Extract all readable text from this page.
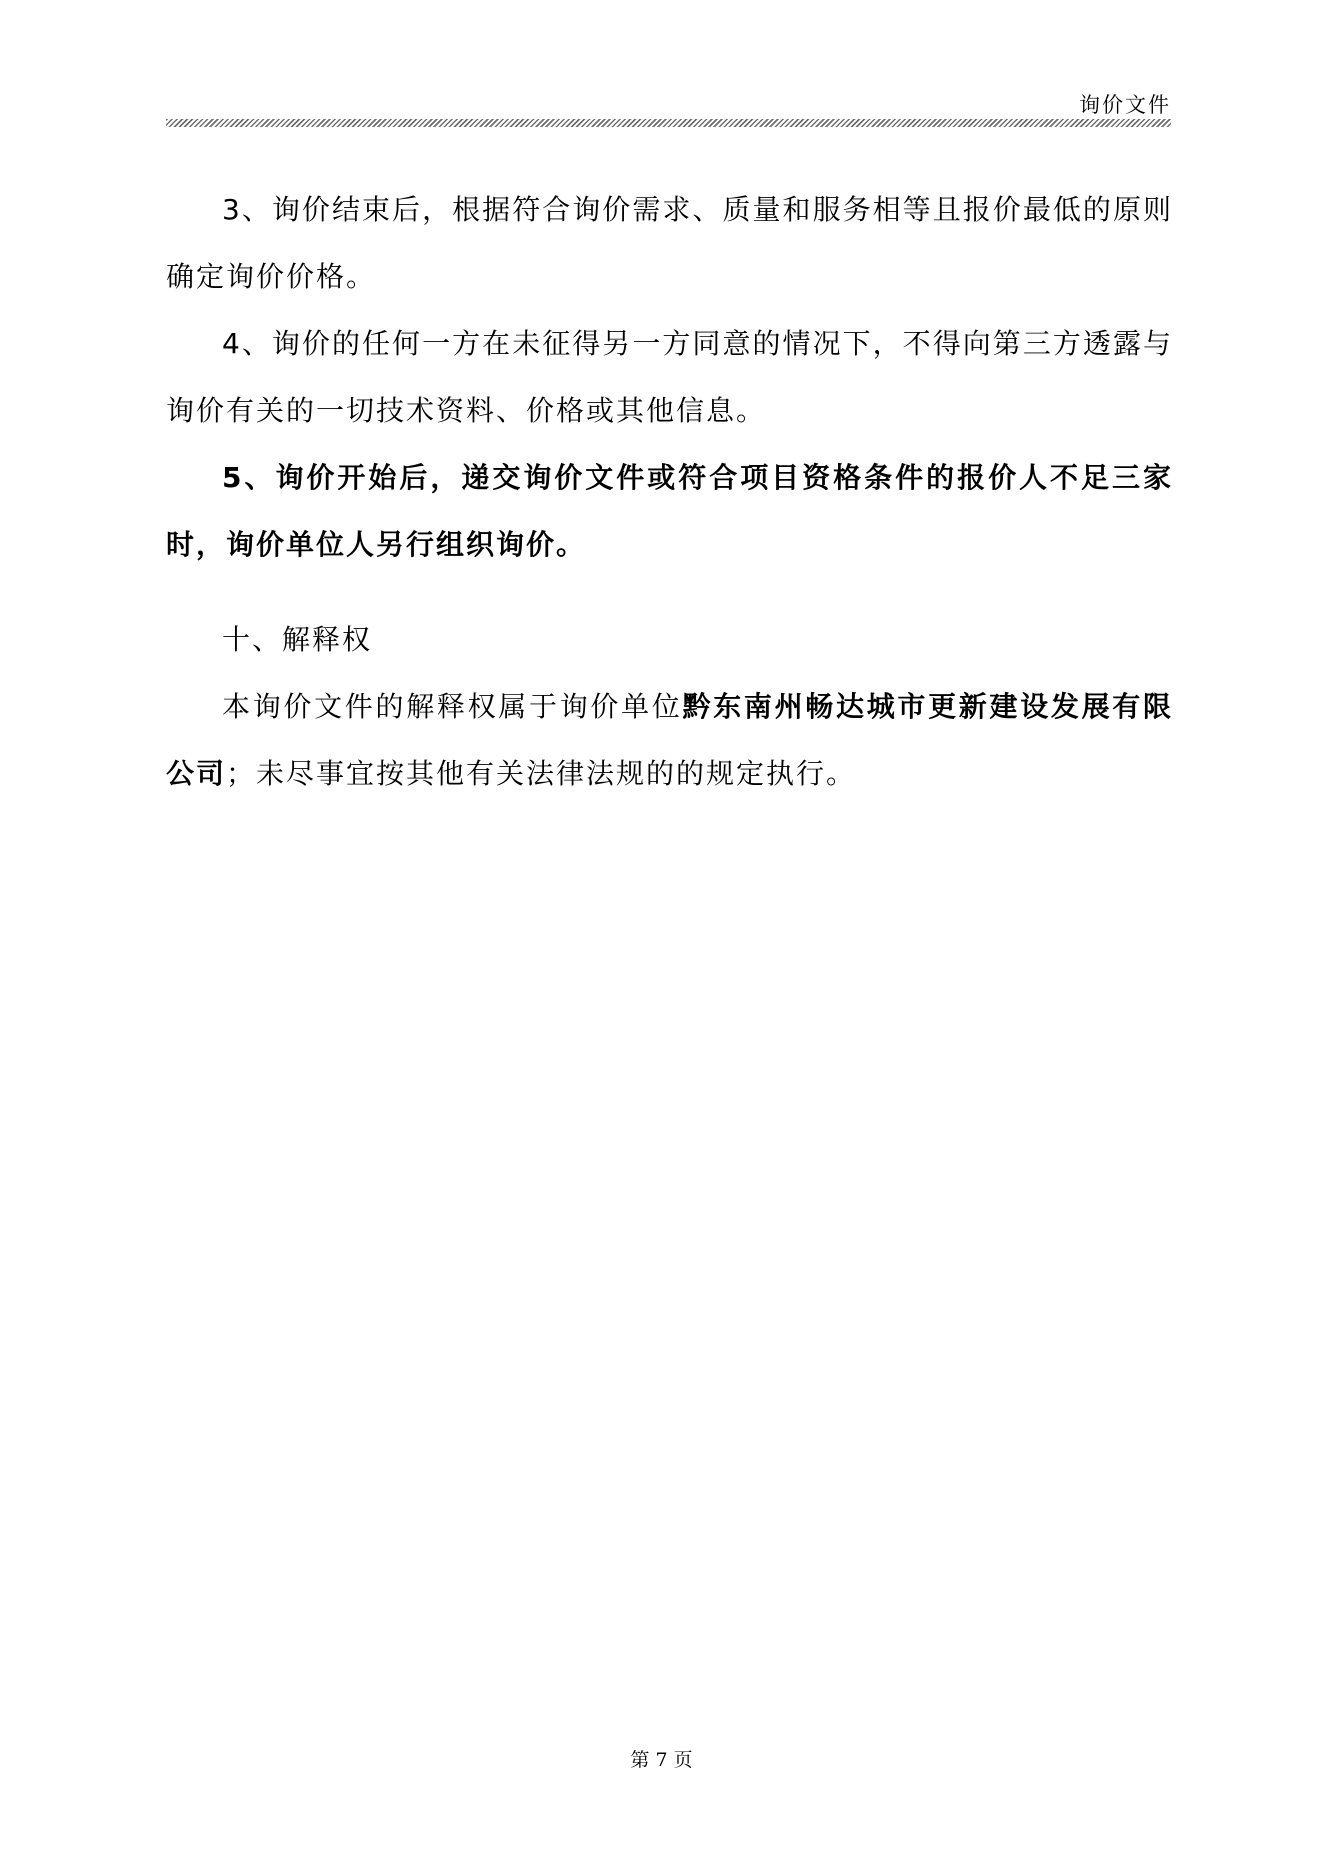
询价文件

3、询价结束后，根据符合询价需求、质量和服务相等且报价最低的原则确定询价价格。

4、询价的任何一方在未征得另一方同意的情况下，不得向第三方透露与询价有关的一切技术资料、价格或其他信息。

5、询价开始后，递交询价文件或符合项目资格条件的报价人不足三家时，询价单位人另行组织询价。

十、解释权

本询价文件的解释权属于询价单位黔东南州畅达城市更新建设发展有限公司；未尽事宜按其他有关法律法规的的规定执行。

第 7 页
